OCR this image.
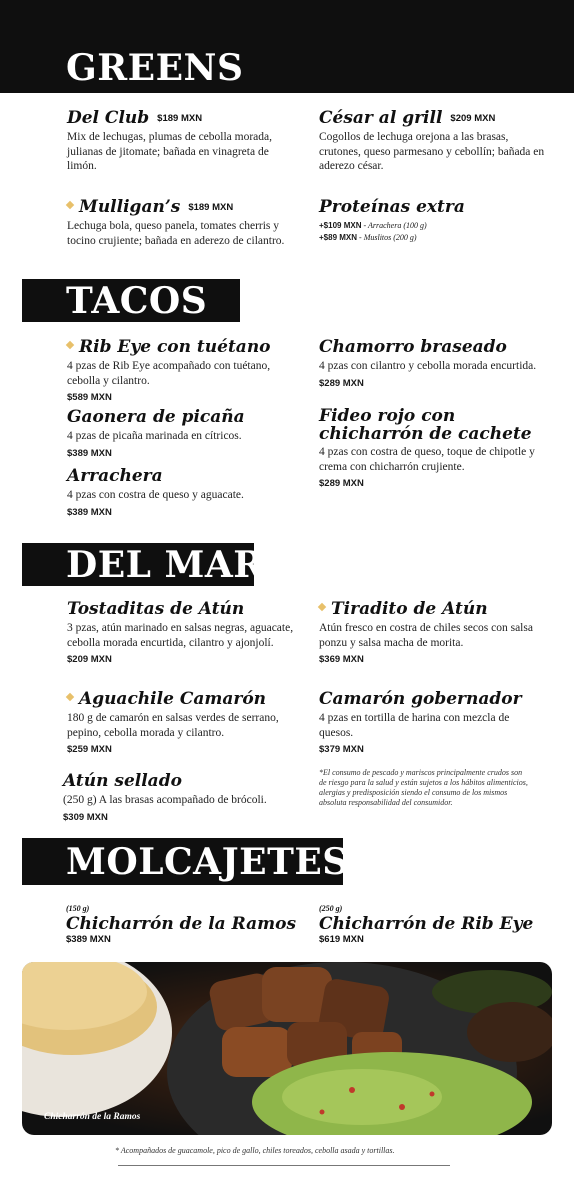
GREENS
Del Club $189 MXN
Mix de lechugas, plumas de cebolla morada, julianas de jitomate; bañada en vinagreta de limón.
César al grill $209 MXN
Cogollos de lechuga orejona a las brasas, crutones, queso parmesano y cebollín; bañada en aderezo césar.
Mulligan’s $189 MXN
Lechuga bola, queso panela, tomates cherris y tocino crujiente; bañada en aderezo de cilantro.
Proteínas extra
+$109 MXN - Arrachera (100 g)
+$89 MXN - Muslitos (200 g)
TACOS
Rib Eye con tuétano
4 pzas de Rib Eye acompañado con tuétano, cebolla y cilantro.
$589 MXN
Chamorro braseado
4 pzas con cilantro y cebolla morada encurtida.
$289 MXN
Gaonera de picaña
4 pzas de picaña marinada en cítricos.
$389 MXN
Fideo rojo con chicharrón de cachete
4 pzas con costra de queso, toque de chipotle y crema con chicharrón crujiente.
$289 MXN
Arrachera
4 pzas con costra de queso y aguacate.
$389 MXN
DEL MAR
Tostaditas de Atún
3 pzas, atún marinado en salsas negras, aguacate, cebolla morada encurtida, cilantro y ajonjolí.
$209 MXN
Tiradito de Atún
Atún fresco en costra de chiles secos con salsa ponzu y salsa macha de morita.
$369 MXN
Aguachile Camarón
180 g de camarón en salsas verdes de serrano, pepino, cebolla morada y cilantro.
$259 MXN
Camarón gobernador
4 pzas en tortilla de harina con mezcla de quesos.
$379 MXN
Atún sellado
(250 g) A las brasas acompañado de brócoli.
$309 MXN
*El consumo de pescado y mariscos principalmente crudos son de riesgo para la salud y están sujetos a los hábitos alimenticios, alergias y predisposición siendo el consumo de los mismos absoluta responsabilidad del consumidor.
MOLCAJETES
(150 g)
Chicharrón de la Ramos
$389 MXN
(250 g)
Chicharrón de Rib Eye
$619 MXN
Chicharrón de la Ramos
* Acompañados de guacamole, pico de gallo, chiles toreados, cebolla asada y tortillas.
